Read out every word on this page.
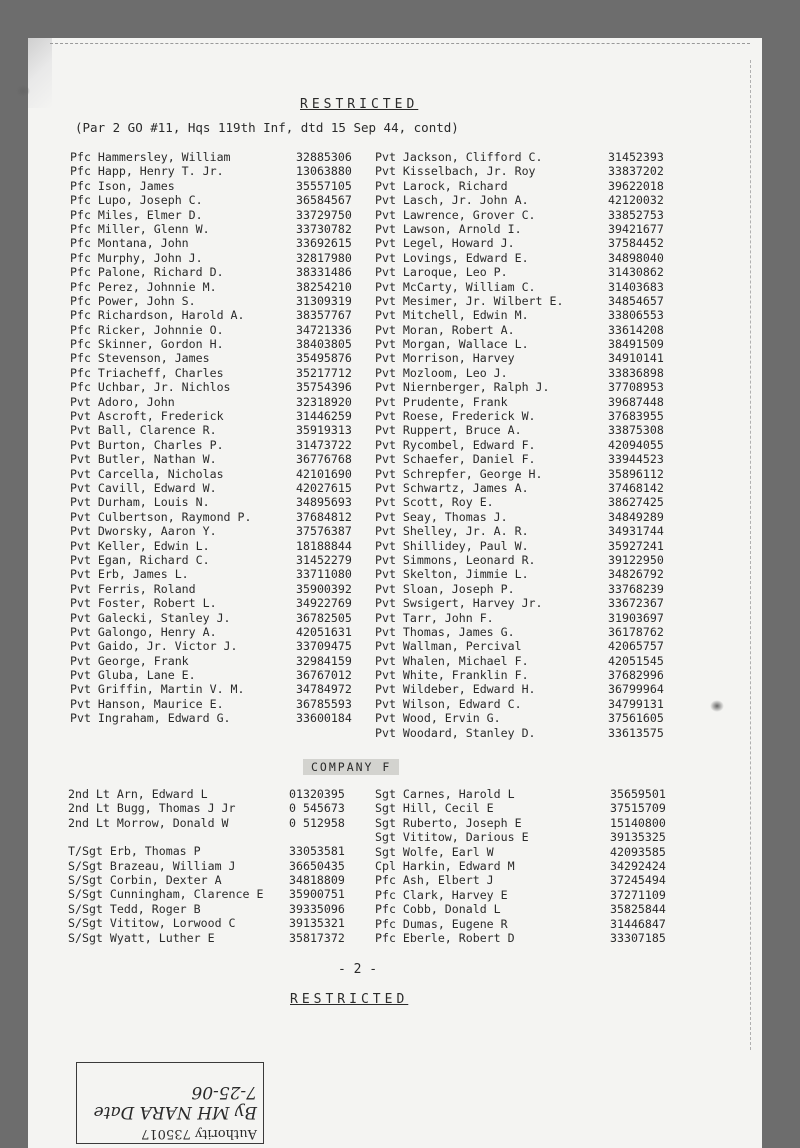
RESTRICTED
(Par 2 GO #11, Hqs 119th Inf, dtd 15 Sep 44, contd)
Pfc Hammersley, William	32885306
Pfc Happ, Henry T. Jr.	13063880
Pfc Ison, James	35557105
Pfc Lupo, Joseph C.	36584567
Pfc Miles, Elmer D.	33729750
Pfc Miller, Glenn W.	33730782
Pfc Montana, John	33692615
Pfc Murphy, John J.	32817980
Pfc Palone, Richard D.	38331486
Pfc Perez, Johnnie M.	38254210
Pfc Power, John S.	31309319
Pfc Richardson, Harold A.	38357767
Pfc Ricker, Johnnie O.	34721336
Pfc Skinner, Gordon H.	38403805
Pfc Stevenson, James	35495876
Pfc Triacheff, Charles	35217712
Pfc Uchbar, Jr. Nichlos	35754396
Pvt Adoro, John	32318920
Pvt Ascroft, Frederick	31446259
Pvt Ball, Clarence R.	35919313
Pvt Burton, Charles P.	31473722
Pvt Butler, Nathan W.	36776768
Pvt Carcella, Nicholas	42101690
Pvt Cavill, Edward W.	42027615
Pvt Durham, Louis N.	34895693
Pvt Culbertson, Raymond P.	37684812
Pvt Dworsky, Aaron Y.	37576387
Pvt Keller, Edwin L.	18188844
Pvt Egan, Richard C.	31452279
Pvt Erb, James L.	33711080
Pvt Ferris, Roland	35900392
Pvt Foster, Robert L.	34922769
Pvt Galecki, Stanley J.	36782505
Pvt Galongo, Henry A.	42051631
Pvt Gaido, Jr. Victor J.	33709475
Pvt George, Frank	32984159
Pvt Gluba, Lane E.	36767012
Pvt Griffin, Martin V. M.	34784972
Pvt Hanson, Maurice E.	36785593
Pvt Ingraham, Edward G.	33600184
Pvt Jackson, Clifford C.	31452393
Pvt Kisselbach, Jr. Roy	33837202
Pvt Larock, Richard	39622018
Pvt Lasch, Jr. John A.	42120032
Pvt Lawrence, Grover C.	33852753
Pvt Lawson, Arnold I.	39421677
Pvt Legel, Howard J.	37584452
Pvt Lovings, Edward E.	34898040
Pvt Laroque, Leo P.	31430862
Pvt McCarty, William C.	31403683
Pvt Mesimer, Jr. Wilbert E.	34854657
Pvt Mitchell, Edwin M.	33806553
Pvt Moran, Robert A.	33614208
Pvt Morgan, Wallace L.	38491509
Pvt Morrison, Harvey	34910141
Pvt Mozloom, Leo J.	33836898
Pvt Niernberger, Ralph J.	37708953
Pvt Prudente, Frank	39687448
Pvt Roese, Frederick W.	37683955
Pvt Ruppert, Bruce A.	33875308
Pvt Rycombel, Edward F.	42094055
Pvt Schaefer, Daniel F.	33944523
Pvt Schrepfer, George H.	35896112
Pvt Schwartz, James A.	37468142
Pvt Scott, Roy E.	38627425
Pvt Seay, Thomas J.	34849289
Pvt Shelley, Jr. A. R.	34931744
Pvt Shillidey, Paul W.	35927241
Pvt Simmons, Leonard R.	39122950
Pvt Skelton, Jimmie L.	34826792
Pvt Sloan, Joseph P.	33768239
Pvt Swsigert, Harvey Jr.	33672367
Pvt Tarr, John F.	31903697
Pvt Thomas, James G.	36178762
Pvt Wallman, Percival	42065757
Pvt Whalen, Michael F.	42051545
Pvt White, Franklin F.	37682996
Pvt Wildeber, Edward H.	36799964
Pvt Wilson, Edward C.	34799131
Pvt Wood, Ervin G.	37561605
Pvt Woodard, Stanley D.	33613575
COMPANY F
2nd Lt Arn, Edward L	01320395
2nd Lt Bugg, Thomas J Jr	0 545673
2nd Lt Morrow, Donald W	0 512958
T/Sgt Erb, Thomas P	33053581
S/Sgt Brazeau, William J	36650435
S/Sgt Corbin, Dexter A	34818809
S/Sgt Cunningham, Clarence E 35900751
S/Sgt Tedd, Roger B	39335096
S/Sgt Vititow, Lorwood C	39135321
S/Sgt Wyatt, Luther E	35817372
Sgt Carnes, Harold L	35659501
Sgt Hill, Cecil E	37515709
Sgt Ruberto, Joseph E	15140800
Sgt Vititow, Darious E	39135325
Sgt Wolfe, Earl W	42093585
Cpl Harkin, Edward M	34292424
Pfc Ash, Elbert J	37245494
Pfc Clark, Harvey E	37271109
Pfc Cobb, Donald L	35825844
Pfc Dumas, Eugene R	31446847
Pfc Eberle, Robert D	33307185
- 2 -
RESTRICTED
Authority 735017
By MH NARA Date 7-25-06
